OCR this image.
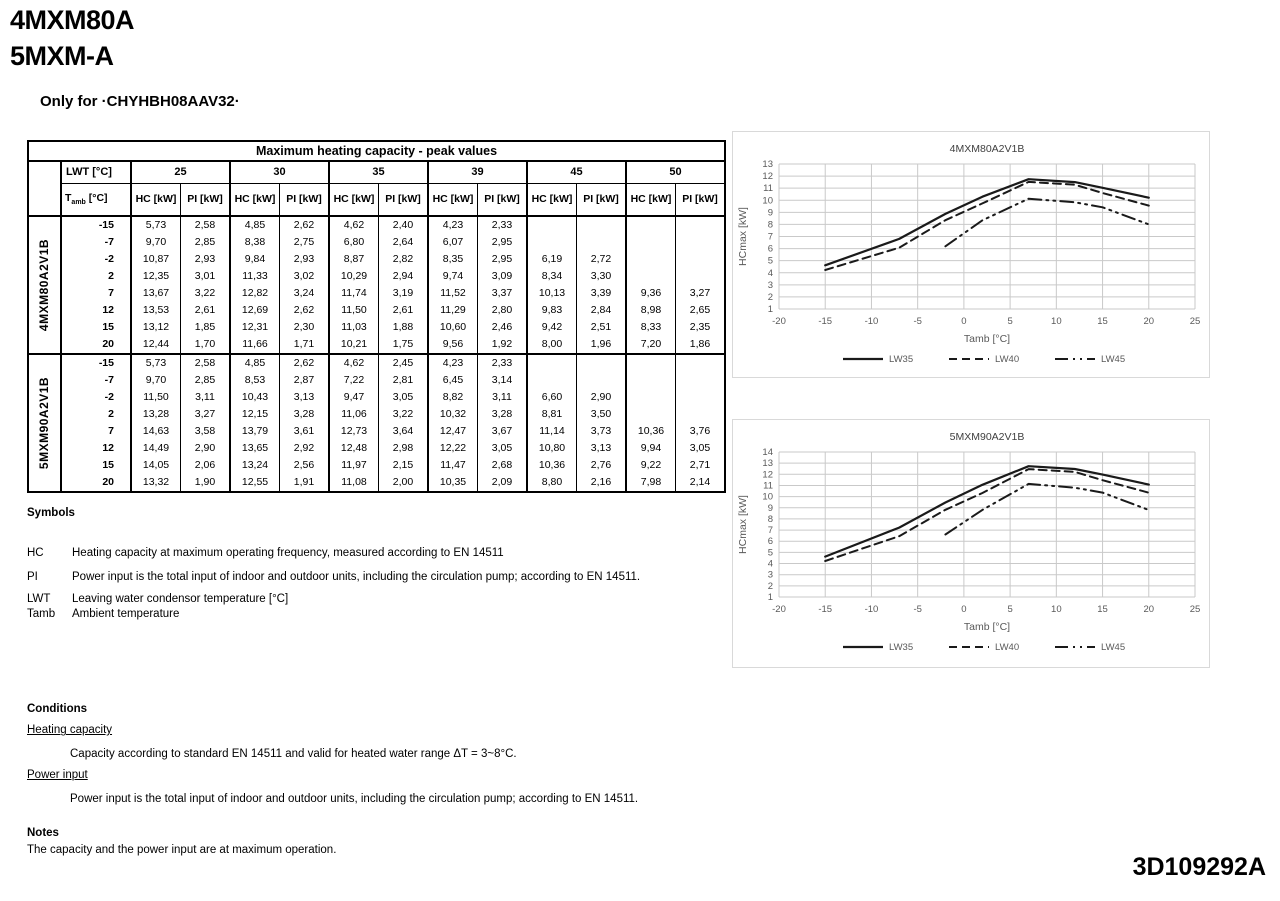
4MXM80A
5MXM-A
Only for ·CHYHBH08AAV32·
Maximum heating capacity - peak values													
	LWT [°C]	25		30		35		39		45		50	
	$T_{amb}$ [°C]	HC [kW]	PI [kW]	HC [kW]	PI [kW]	HC [kW]	PI [kW]	HC [kW]	PI [kW]	HC [kW]	PI [kW]	HC [kW]	PI [kW]

4MXM80A2V1B	-15	5,73	2,58	4,85	2,62	4,62	2,40	4,23	2,33				
	-7	9,70	2,85	8,38	2,75	6,80	2,64	6,07	2,95				
	-2	10,87	2,93	9,84	2,93	8,87	2,82	8,35	2,95	6,19	2,72		
	2	12,35	3,01	11,33	3,02	10,29	2,94	9,74	3,09	8,34	3,30		
	7	13,67	3,22	12,82	3,24	11,74	3,19	11,52	3,37	10,13	3,39	9,36	3,27
	12	13,53	2,61	12,69	2,62	11,50	2,61	11,29	2,80	9,83	2,84	8,98	2,65
	15	13,12	1,85	12,31	2,30	11,03	1,88	10,60	2,46	9,42	2,51	8,33	2,35
	20	12,44	1,70	11,66	1,71	10,21	1,75	9,56	1,92	8,00	1,96	7,20	1,86

5MXM90A2V1B	-15	5,73	2,58	4,85	2,62	4,62	2,45	4,23	2,33				
	-7	9,70	2,85	8,53	2,87	7,22	2,81	6,45	3,14				
	-2	11,50	3,11	10,43	3,13	9,47	3,05	8,82	3,11	6,60	2,90		
	2	13,28	3,27	12,15	3,28	11,06	3,22	10,32	3,28	8,81	3,50		
	7	14,63	3,58	13,79	3,61	12,73	3,64	12,47	3,67	11,14	3,73	10,36	3,76
	12	14,49	2,90	13,65	2,92	12,48	2,98	12,22	3,05	10,80	3,13	9,94	3,05
	15	14,05	2,06	13,24	2,56	11,97	2,15	11,47	2,68	10,36	2,76	9,22	2,71
	20	13,32	1,90	12,55	1,91	11,08	2,00	10,35	2,09	8,80	2,16	7,98	2,14
Symbols
HC	Heating capacity at maximum operating frequency, measured according to EN 14511
PI	Power input is the total input of indoor and outdoor units, including the circulation pump; according to EN 14511.
LWT	Leaving water condensor temperature [°C]
Tamb	Ambient temperature
Conditions
Heating capacity
Capacity according to standard EN 14511 and valid for heated water range ΔT = 3~8°C.
Power input
Power input is the total input of indoor and outdoor units, including the circulation pump; according to EN 14511.
Notes
The capacity and the power input are at maximum operation.
3D109292A
1
2
3
4
5
6
7
8
9
10
11
12
13
-20	-15	-10	-5	0	5	10	15	20	25
4MXM80A2V1B
Tamb [°C]
HCmax [kW]
LW35	LW40	LW45
1
2
3
4
5
6
7
8
9
10
11
12
13
14
-20	-15	-10	-5	0	5	10	15	20	25
5MXM90A2V1B
Tamb [°C]
HCmax [kW]
LW35	LW40	LW45
